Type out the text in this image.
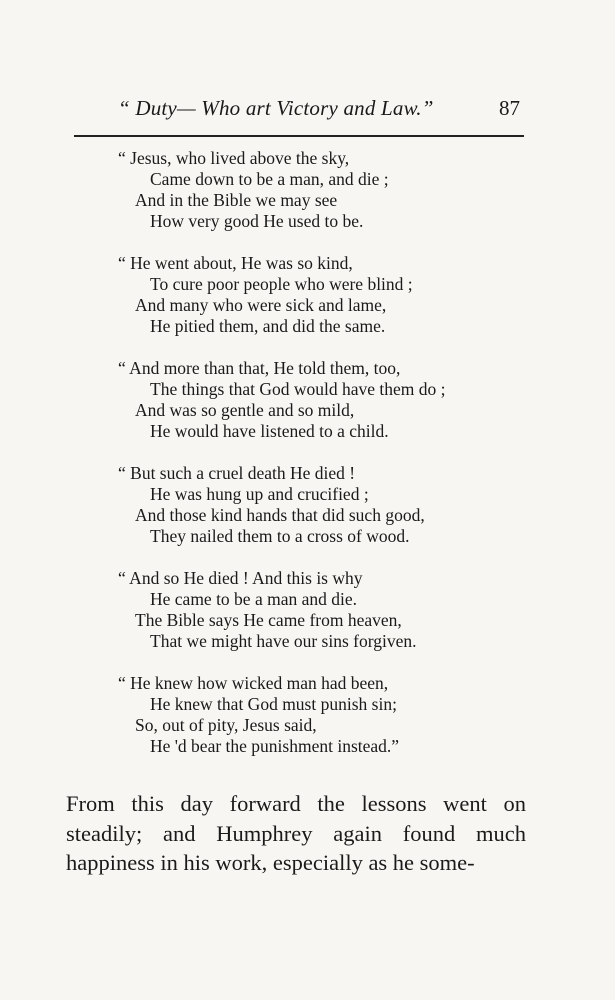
“ Duty— Who art Victory and Law.”	87
“ Jesus, who lived above the sky,
Came down to be a man, and die ;
And in the Bible we may see
How very good He used to be.
“ He went about, He was so kind,
To cure poor people who were blind ;
And many who were sick and lame,
He pitied them, and did the same.
“ And more than that, He told them, too,
The things that God would have them do ;
And was so gentle and so mild,
He would have listened to a child.
“ But such a cruel death He died !
He was hung up and crucified ;
And those kind hands that did such good,
They nailed them to a cross of wood.
“ And so He died ! And this is why
He came to be a man and die.
The Bible says He came from heaven,
That we might have our sins forgiven.
“ He knew how wicked man had been,
He knew that God must punish sin;
So, out of pity, Jesus said,
He 'd bear the punishment instead.”
From this day forward the lessons went on
steadily; and Humphrey again found much
happiness in his work, especially as he some-
